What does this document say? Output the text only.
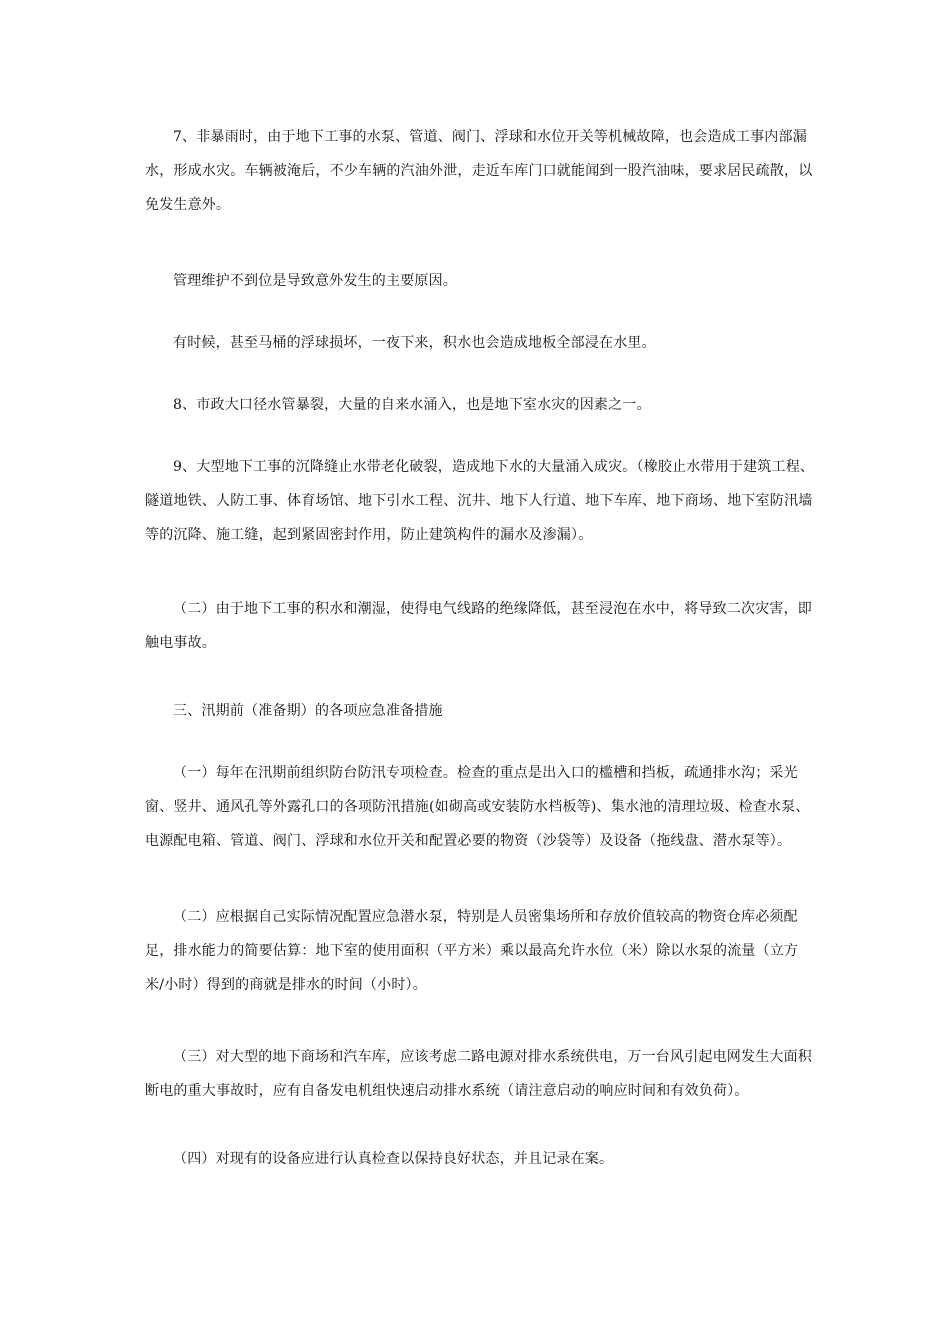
7、非暴雨时，由于地下工事的水泵、管道、阀门、浮球和水位开关等机械故障，也会造成工事内部漏水，形成水灾。车辆被淹后，不少车辆的汽油外泄，走近车库门口就能闻到一股汽油味，要求居民疏散，以免发生意外。

管理维护不到位是导致意外发生的主要原因。

有时候，甚至马桶的浮球损坏，一夜下来，积水也会造成地板全部浸在水里。

8、市政大口径水管暴裂，大量的自来水涌入，也是地下室水灾的因素之一。

9、大型地下工事的沉降缝止水带老化破裂，造成地下水的大量涌入成灾。（橡胶止水带用于建筑工程、隧道地铁、人防工事、体育场馆、地下引水工程、沉井、地下人行道、地下车库、地下商场、地下室防汛墙等的沉降、施工缝，起到紧固密封作用，防止建筑构件的漏水及渗漏）。

（二）由于地下工事的积水和潮湿，使得电气线路的绝缘降低，甚至浸泡在水中，将导致二次灾害，即触电事故。

三、汛期前（准备期）的各项应急准备措施

（一）每年在汛期前组织防台防汛专项检查。检查的重点是出入口的槛槽和挡板，疏通排水沟；采光窗、竖井、通风孔等外露孔口的各项防汛措施(如砌高或安装防水档板等)、集水池的清理垃圾、检查水泵、电源配电箱、管道、阀门、浮球和水位开关和配置必要的物资（沙袋等）及设备（拖线盘、潜水泵等）。

（二）应根据自己实际情况配置应急潜水泵，特别是人员密集场所和存放价值较高的物资仓库必须配足，排水能力的简要估算：地下室的使用面积（平方米）乘以最高允许水位（米）除以水泵的流量（立方米/小时）得到的商就是排水的时间（小时）。

（三）对大型的地下商场和汽车库，应该考虑二路电源对排水系统供电，万一台风引起电网发生大面积断电的重大事故时，应有自备发电机组快速启动排水系统（请注意启动的响应时间和有效负荷）。

（四）对现有的设备应进行认真检查以保持良好状态，并且记录在案。
